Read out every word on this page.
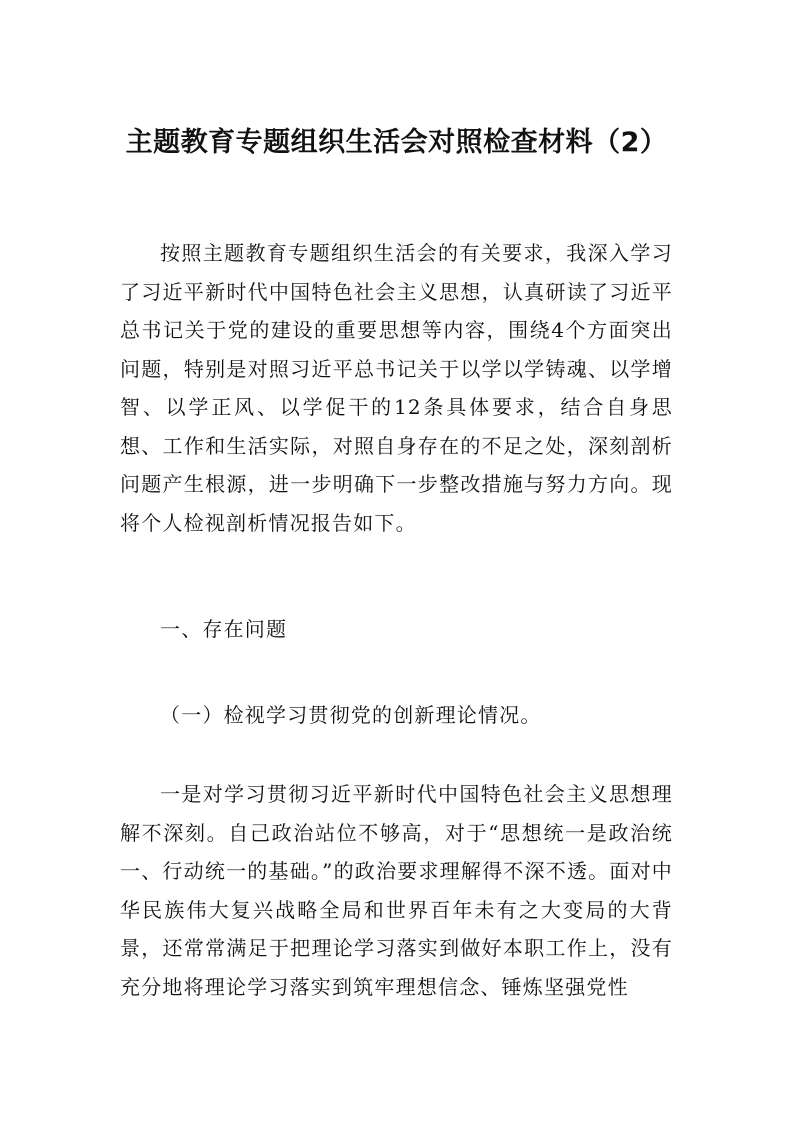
主题教育专题组织生活会对照检查材料（2）

按照主题教育专题组织生活会的有关要求，我深入学习了习近平新时代中国特色社会主义思想，认真研读了习近平总书记关于党的建设的重要思想等内容，围绕4个方面突出问题，特别是对照习近平总书记关于以学以学铸魂、以学增智、以学正风、以学促干的12条具体要求，结合自身思想、工作和生活实际，对照自身存在的不足之处，深刻剖析问题产生根源，进一步明确下一步整改措施与努力方向。现将个人检视剖析情况报告如下。

一、存在问题

（一）检视学习贯彻党的创新理论情况。

一是对学习贯彻习近平新时代中国特色社会主义思想理解不深刻。自己政治站位不够高，对于“思想统一是政治统一、行动统一的基础。”的政治要求理解得不深不透。面对中华民族伟大复兴战略全局和世界百年未有之大变局的大背景，还常常满足于把理论学习落实到做好本职工作上，没有充分地将理论学习落实到筑牢理想信念、锤炼坚强党性
